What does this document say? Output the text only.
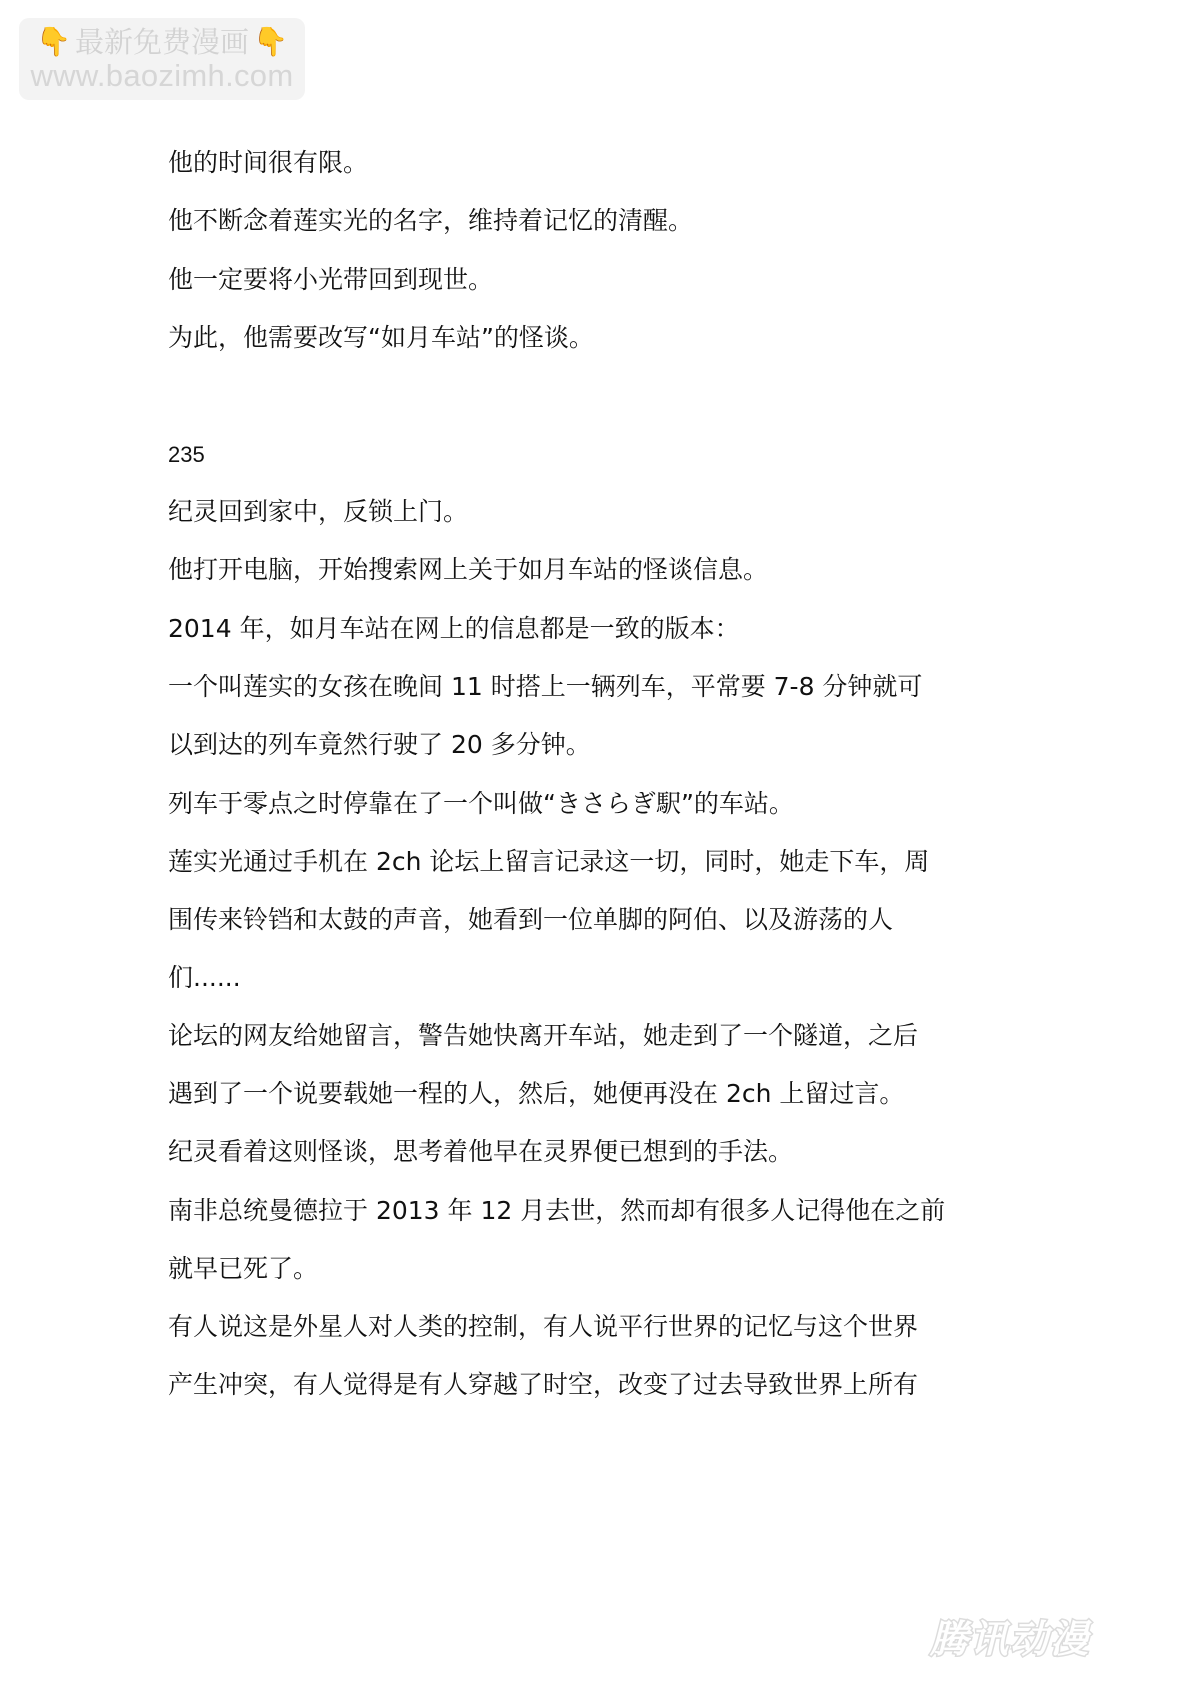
👇 最新免费漫画 👇
www.baozimh.com
他的时间很有限。
他不断念着莲实光的名字，维持着记忆的清醒。
他一定要将小光带回到现世。
为此，他需要改写“如月车站”的怪谈。
235
纪灵回到家中，反锁上门。
他打开电脑，开始搜索网上关于如月车站的怪谈信息。
2014 年，如月车站在网上的信息都是一致的版本：
一个叫莲实的女孩在晚间 11 时搭上一辆列车，平常要 7-8 分钟就可
以到达的列车竟然行驶了 20 多分钟。
列车于零点之时停靠在了一个叫做“きさらぎ駅”的车站。
莲实光通过手机在 2ch 论坛上留言记录这一切，同时，她走下车，周
围传来铃铛和太鼓的声音，她看到一位单脚的阿伯、以及游荡的人
们......
论坛的网友给她留言，警告她快离开车站，她走到了一个隧道，之后
遇到了一个说要载她一程的人，然后，她便再没在 2ch 上留过言。
纪灵看着这则怪谈，思考着他早在灵界便已想到的手法。
南非总统曼德拉于 2013 年 12 月去世，然而却有很多人记得他在之前
就早已死了。
有人说这是外星人对人类的控制，有人说平行世界的记忆与这个世界
产生冲突，有人觉得是有人穿越了时空，改变了过去导致世界上所有
腾讯动漫
